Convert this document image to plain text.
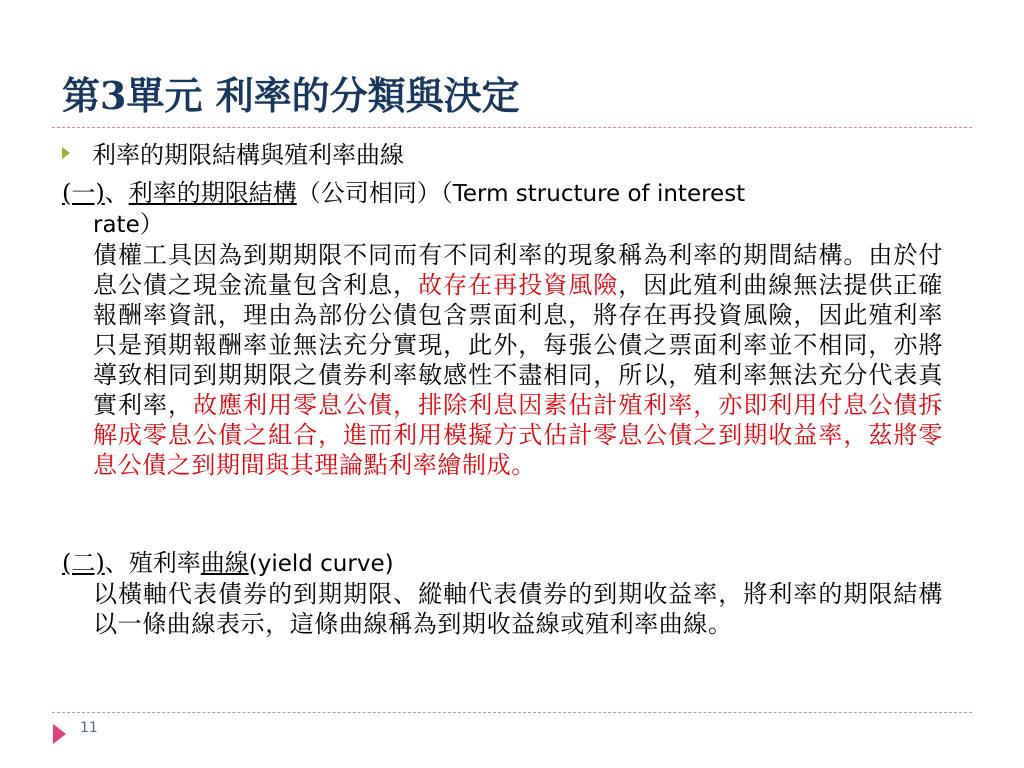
第3單元 利率的分類與決定
利率的期限結構與殖利率曲線
(一)、利率的期限結構（公司相同）（Term structure of interest
rate）
債權工具因為到期期限不同而有不同利率的現象稱為利率的期間結構。由於付息公債之現金流量包含利息，故存在再投資風險，因此殖利曲線無法提供正確報酬率資訊，理由為部份公債包含票面利息，將存在再投資風險，因此殖利率只是預期報酬率並無法充分實現，此外，每張公債之票面利率並不相同，亦將導致相同到期期限之債券利率敏感性不盡相同，所以，殖利率無法充分代表真實利率，故應利用零息公債，排除利息因素估計殖利率，亦即利用付息公債拆解成零息公債之組合，進而利用模擬方式估計零息公債之到期收益率，茲將零息公債之到期間與其理論點利率繪制成。
(二)、殖利率曲線(yield curve)
以橫軸代表債券的到期期限、縱軸代表債券的到期收益率，將利率的期限結構以一條曲線表示，這條曲線稱為到期收益線或殖利率曲線。
11
